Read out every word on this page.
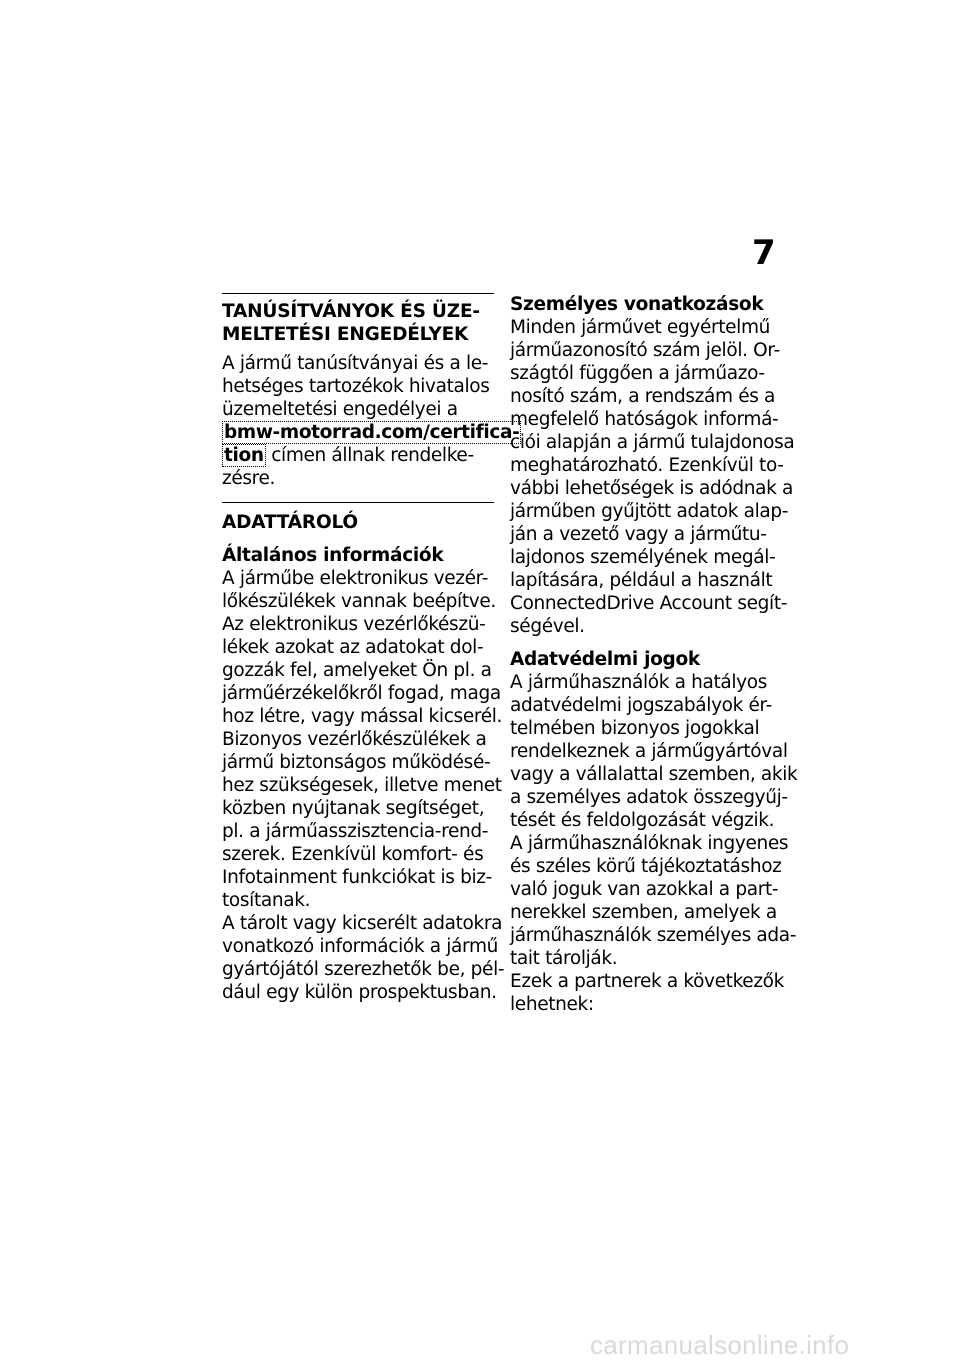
7
TANÚSÍTVÁNYOK ÉS ÜZE-
MELTETÉSI ENGEDÉLYEK
A jármű tanúsítványai és a le-
hetséges tartozékok hivatalos
üzemeltetési engedélyei a
bmw-motorrad.com/certifica-
tion címen állnak rendelke-
zésre.
ADATTÁROLÓ
Általános információk
A járműbe elektronikus vezér-
lőkészülékek vannak beépítve.
Az elektronikus vezérlőkészü-
lékek azokat az adatokat dol-
gozzák fel, amelyeket Ön pl. a
járműérzékelőkről fogad, maga
hoz létre, vagy mással kicserél.
Bizonyos vezérlőkészülékek a
jármű biztonságos működésé-
hez szükségesek, illetve menet
közben nyújtanak segítséget,
pl. a járműasszisztencia-rend-
szerek. Ezenkívül komfort- és
Infotainment funkciókat is biz-
tosítanak.
A tárolt vagy kicserélt adatokra
vonatkozó információk a jármű
gyártójától szerezhetők be, pél-
dául egy külön prospektusban.
Személyes vonatkozások
Minden járművet egyértelmű
járműazonosító szám jelöl. Or-
szágtól függően a járműazo-
nosító szám, a rendszám és a
megfelelő hatóságok informá-
ciói alapján a jármű tulajdonosa
meghatározható. Ezenkívül to-
vábbi lehetőségek is adódnak a
járműben gyűjtött adatok alap-
ján a vezető vagy a járműtu-
lajdonos személyének megál-
lapítására, például a használt
ConnectedDrive Account segít-
ségével.
Adatvédelmi jogok
A járműhasználók a hatályos
adatvédelmi jogszabályok ér-
telmében bizonyos jogokkal
rendelkeznek a járműgyártóval
vagy a vállalattal szemben, akik
a személyes adatok összegyűj-
tését és feldolgozását végzik.
A járműhasználóknak ingyenes
és széles körű tájékoztatáshoz
való joguk van azokkal a part-
nerekkel szemben, amelyek a
járműhasználók személyes ada-
tait tárolják.
Ezek a partnerek a következők
lehetnek:
carmanualsonline.info
